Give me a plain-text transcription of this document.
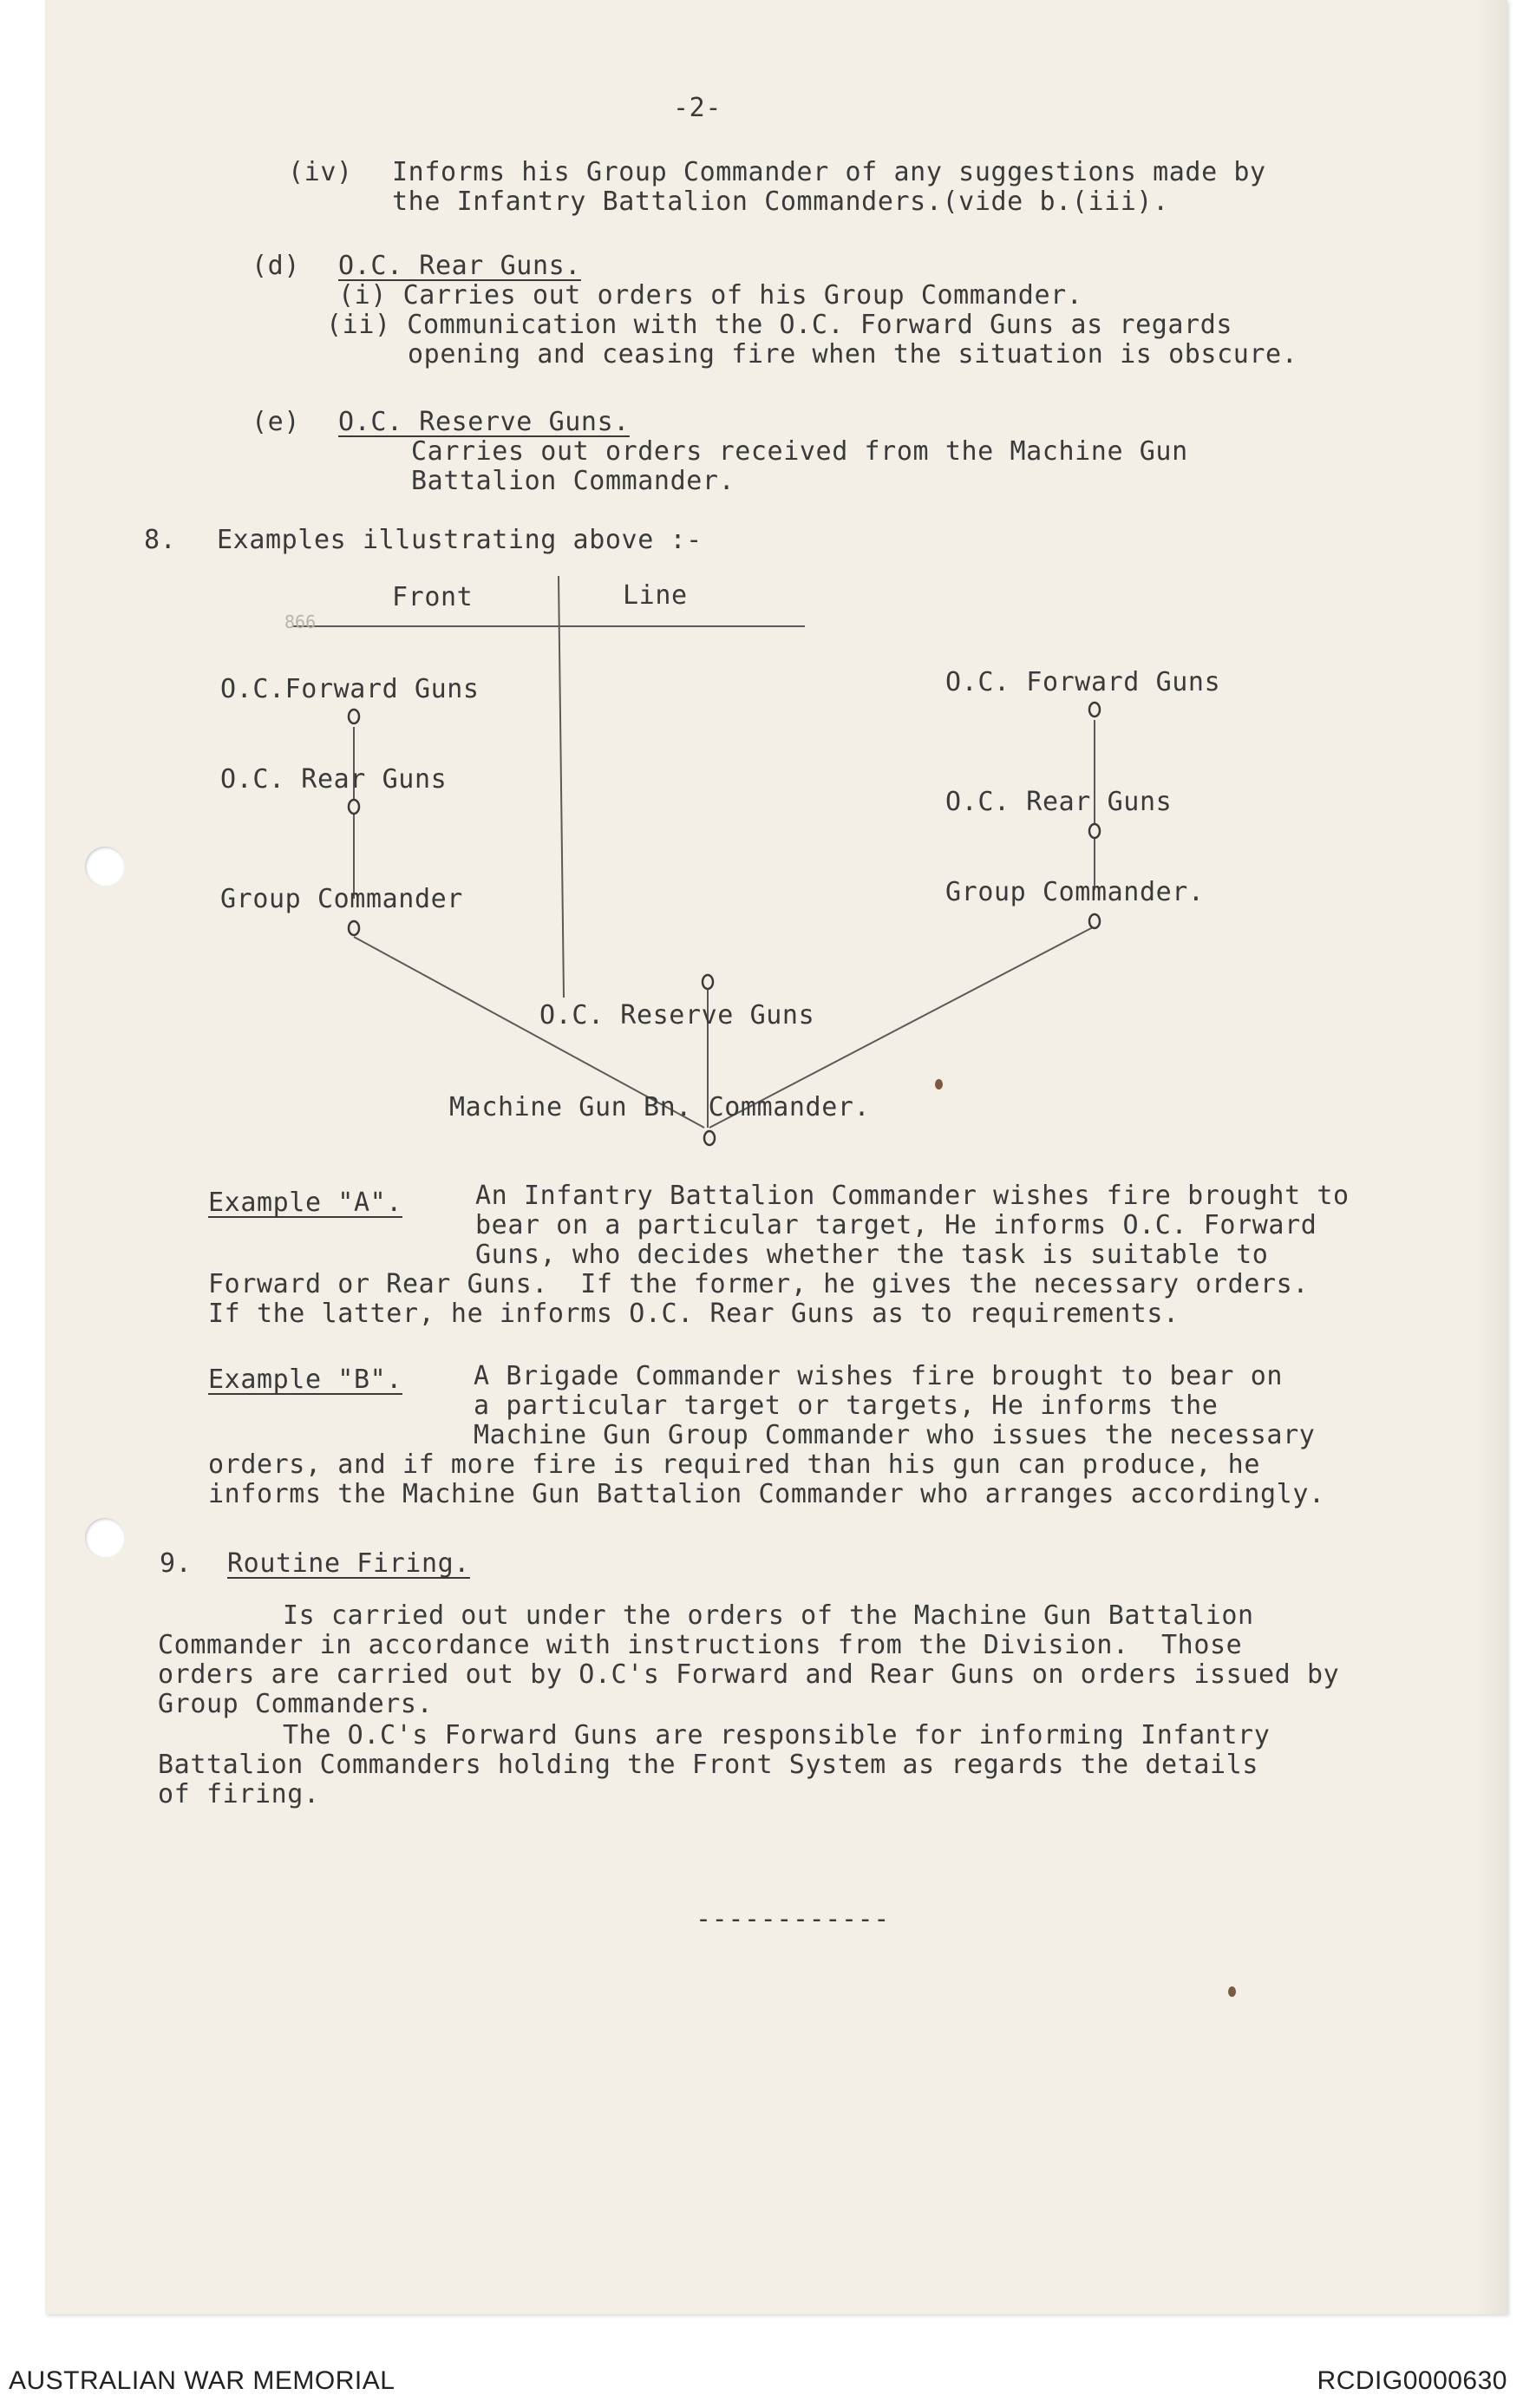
-2-
(iv) Informs his Group Commander of any suggestions made by
the Infantry Battalion Commanders.(vide b.(iii).
(d) O.C. Rear Guns.
(i) Carries out orders of his Group Commander.
(ii) Communication with the O.C. Forward Guns as regards
opening and ceasing fire when the situation is obscure.
(e) O.C. Reserve Guns.
Carries out orders received from the Machine Gun
Battalion Commander.
8. Examples illustrating above :-
866
Front	Line
O.C.Forward Guns
O.C. Rear Guns
Group Commander
O.C. Forward Guns
O.C. Rear Guns
Group Commander.
O.C. Reserve Guns
Machine Gun Bn. Commander.
Example "A".	An Infantry Battalion Commander wishes fire brought to
bear on a particular target, He informs O.C. Forward
Guns, who decides whether the task is suitable to
Forward or Rear Guns.  If the former, he gives the necessary orders.
If the latter, he informs O.C. Rear Guns as to requirements.
Example "B".	A Brigade Commander wishes fire brought to bear on
a particular target or targets, He informs the
Machine Gun Group Commander who issues the necessary
orders, and if more fire is required than his gun can produce, he
informs the Machine Gun Battalion Commander who arranges accordingly.
9. Routine Firing.
Is carried out under the orders of the Machine Gun Battalion
Commander in accordance with instructions from the Division.  Those
orders are carried out by O.C's Forward and Rear Guns on orders issued by
Group Commanders.
The O.C's Forward Guns are responsible for informing Infantry
Battalion Commanders holding the Front System as regards the details
of firing.
------------
AUSTRALIAN WAR MEMORIAL	RCDIG0000630
